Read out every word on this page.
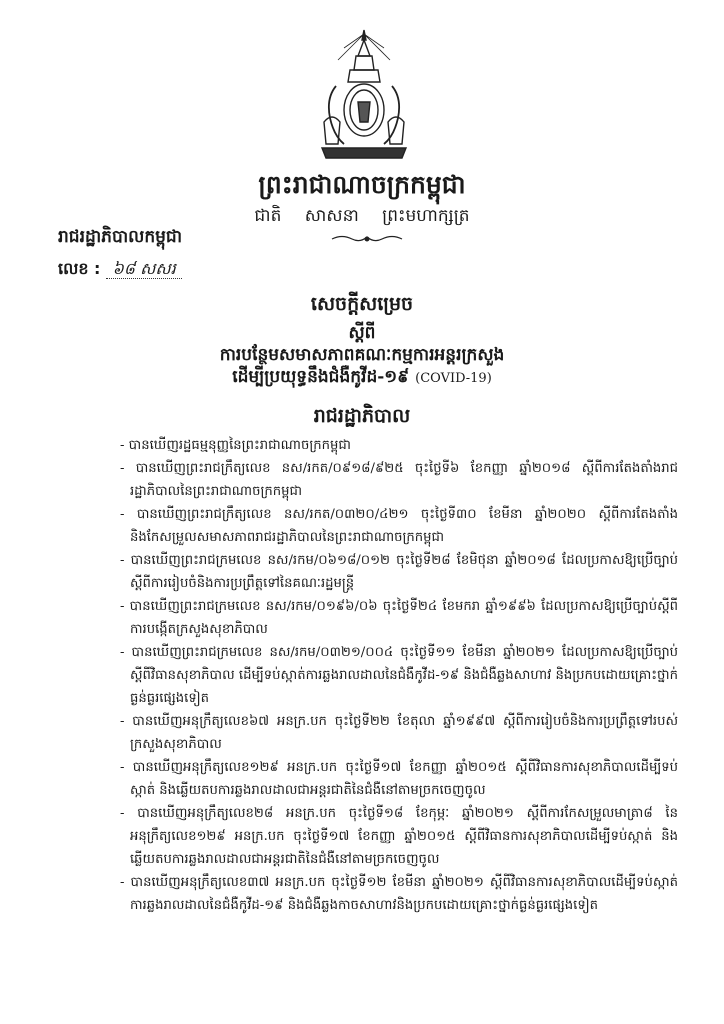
ព្រះរាជាណាចក្រកម្ពុជា
ជាតិ សាសនា ព្រះមហាក្សត្រ
រាជរដ្ឋាភិបាលកម្ពុជា
លេខ : ៦៨ សសរ
សេចក្តីសម្រេច
ស្តីពី
ការបន្ថែមសមាសភាពគណៈកម្មការអន្តរក្រសួង
ដើម្បីប្រយុទ្ធនឹងជំងឺកូវីដ-១៩ (COVID-19)
រាជរដ្ឋាភិបាល

- បានឃើញរដ្ឋធម្មនុញ្ញនៃព្រះរាជាណាចក្រកម្ពុជា

- បានឃើញព្រះរាជក្រឹត្យលេខ នស/រកត/០៩១៨/៩២៥ ចុះថ្ងៃទី៦ ខែកញ្ញា ឆ្នាំ២០១៨ ស្តីពីការតែងតាំងរាជរដ្ឋាភិបាលនៃព្រះរាជាណាចក្រកម្ពុជា

- បានឃើញព្រះរាជក្រឹត្យលេខ នស/រកត/០៣២០/៤២១ ចុះថ្ងៃទី៣០ ខែមីនា ឆ្នាំ២០២០ ស្តីពីការតែងតាំង និងកែសម្រួលសមាសភាពរាជរដ្ឋាភិបាលនៃព្រះរាជាណាចក្រកម្ពុជា

- បានឃើញព្រះរាជក្រមលេខ នស/រកម/០៦១៨/០១២ ចុះថ្ងៃទី២៨ ខែមិថុនា ឆ្នាំ២០១៨ ដែលប្រកាសឱ្យប្រើច្បាប់ស្តីពីការរៀបចំនិងការប្រព្រឹត្តទៅនៃគណៈរដ្ឋមន្ត្រី

- បានឃើញព្រះរាជក្រមលេខ នស/រកម/០១៩៦/០៦ ចុះថ្ងៃទី២៤ ខែមករា ឆ្នាំ១៩៩៦ ដែលប្រកាសឱ្យប្រើច្បាប់ស្តីពីការបង្កើតក្រសួងសុខាភិបាល

- បានឃើញព្រះរាជក្រមលេខ នស/រកម/០៣២១/០០៤ ចុះថ្ងៃទី១១ ខែមីនា ឆ្នាំ២០២១ ដែលប្រកាសឱ្យប្រើច្បាប់ស្តីពីវិធានសុខាភិបាល ដើម្បីទប់ស្កាត់ការឆ្លងរាលដាលនៃជំងឺកូវីដ-១៩ និងជំងឺឆ្លងសាហាវ និងប្រកបដោយគ្រោះថ្នាក់ធ្ងន់ធ្ងរផ្សេងទៀត

- បានឃើញអនុក្រឹត្យលេខ៦៧ អនក្រ.បក ចុះថ្ងៃទី២២ ខែតុលា ឆ្នាំ១៩៩៧ ស្តីពីការរៀបចំនិងការប្រព្រឹត្តទៅរបស់ក្រសួងសុខាភិបាល

- បានឃើញអនុក្រឹត្យលេខ១២៩ អនក្រ.បក ចុះថ្ងៃទី១៧ ខែកញ្ញា ឆ្នាំ២០១៥ ស្តីពីវិធានការសុខាភិបាលដើម្បីទប់ស្កាត់ និងឆ្លើយតបការឆ្លងរាលដាលជាអន្តរជាតិនៃជំងឺនៅតាមច្រកចេញចូល

- បានឃើញអនុក្រឹត្យលេខ២៨ អនក្រ.បក ចុះថ្ងៃទី១៨ ខែកុម្ភៈ ឆ្នាំ២០២១ ស្តីពីការកែសម្រួលមាត្រា៨ នៃអនុក្រឹត្យលេខ១២៩ អនក្រ.បក ចុះថ្ងៃទី១៧ ខែកញ្ញា ឆ្នាំ២០១៥ ស្តីពីវិធានការសុខាភិបាលដើម្បីទប់ស្កាត់ និងឆ្លើយតបការឆ្លងរាលដាលជាអន្តរជាតិនៃជំងឺនៅតាមច្រកចេញចូល

- បានឃើញអនុក្រឹត្យលេខ៣៧ អនក្រ.បក ចុះថ្ងៃទី១២ ខែមីនា ឆ្នាំ២០២១ ស្តីពីវិធានការសុខាភិបាលដើម្បីទប់ស្កាត់ការឆ្លងរាលដាលនៃជំងឺកូវីដ-១៩ និងជំងឺឆ្លងកាចសាហាវនិងប្រកបដោយគ្រោះថ្នាក់ធ្ងន់ធ្ងរផ្សេងទៀត
